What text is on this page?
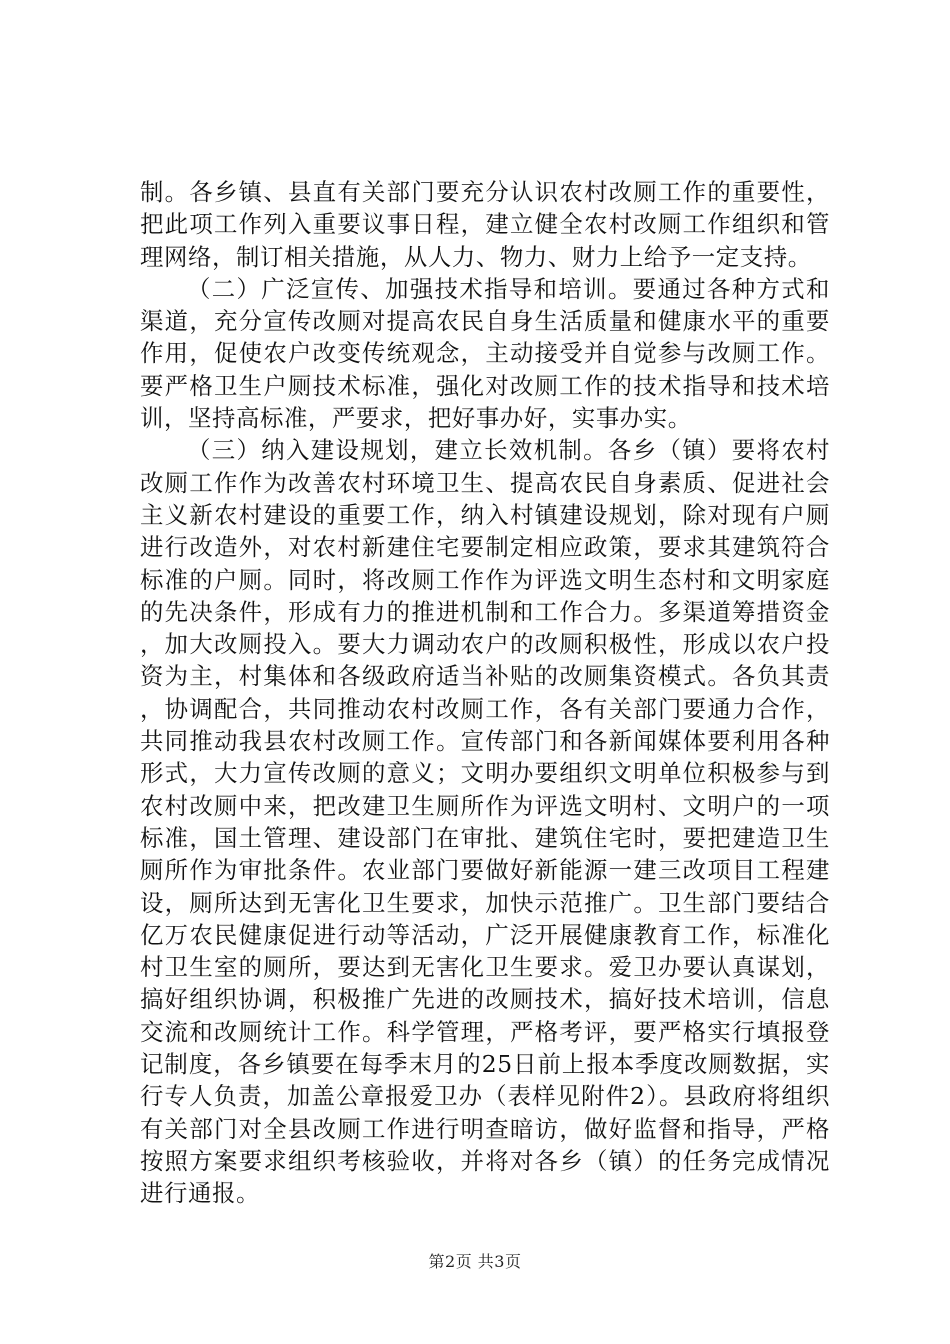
制。各乡镇、县直有关部门要充分认识农村改厕工作的重要性，把此项工作列入重要议事日程，建立健全农村改厕工作组织和管理网络，制订相关措施，从人力、物力、财力上给予一定支持。

（二）广泛宣传、加强技术指导和培训。要通过各种方式和渠道，充分宣传改厕对提高农民自身生活质量和健康水平的重要作用，促使农户改变传统观念，主动接受并自觉参与改厕工作。要严格卫生户厕技术标准，强化对改厕工作的技术指导和技术培训，坚持高标准，严要求，把好事办好，实事办实。

（三）纳入建设规划，建立长效机制。各乡（镇）要将农村改厕工作作为改善农村环境卫生、提高农民自身素质、促进社会主义新农村建设的重要工作，纳入村镇建设规划，除对现有户厕进行改造外，对农村新建住宅要制定相应政策，要求其建筑符合标准的户厕。同时，将改厕工作作为评选文明生态村和文明家庭的先决条件，形成有力的推进机制和工作合力。多渠道筹措资金，加大改厕投入。要大力调动农户的改厕积极性，形成以农户投资为主，村集体和各级政府适当补贴的改厕集资模式。各负其责，协调配合，共同推动农村改厕工作，各有关部门要通力合作，共同推动我县农村改厕工作。宣传部门和各新闻媒体要利用各种形式，大力宣传改厕的意义；文明办要组织文明单位积极参与到农村改厕中来，把改建卫生厕所作为评选文明村、文明户的一项标准，国土管理、建设部门在审批、建筑住宅时，要把建造卫生厕所作为审批条件。农业部门要做好新能源一建三改项目工程建设，厕所达到无害化卫生要求，加快示范推广。卫生部门要结合亿万农民健康促进行动等活动，广泛开展健康教育工作，标准化村卫生室的厕所，要达到无害化卫生要求。爱卫办要认真谋划，搞好组织协调，积极推广先进的改厕技术，搞好技术培训，信息交流和改厕统计工作。科学管理，严格考评，要严格实行填报登记制度，各乡镇要在每季末月的25日前上报本季度改厕数据，实行专人负责，加盖公章报爱卫办（表样见附件2）。县政府将组织有关部门对全县改厕工作进行明查暗访，做好监督和指导，严格按照方案要求组织考核验收，并将对各乡（镇）的任务完成情况进行通报。

第2页 共3页
